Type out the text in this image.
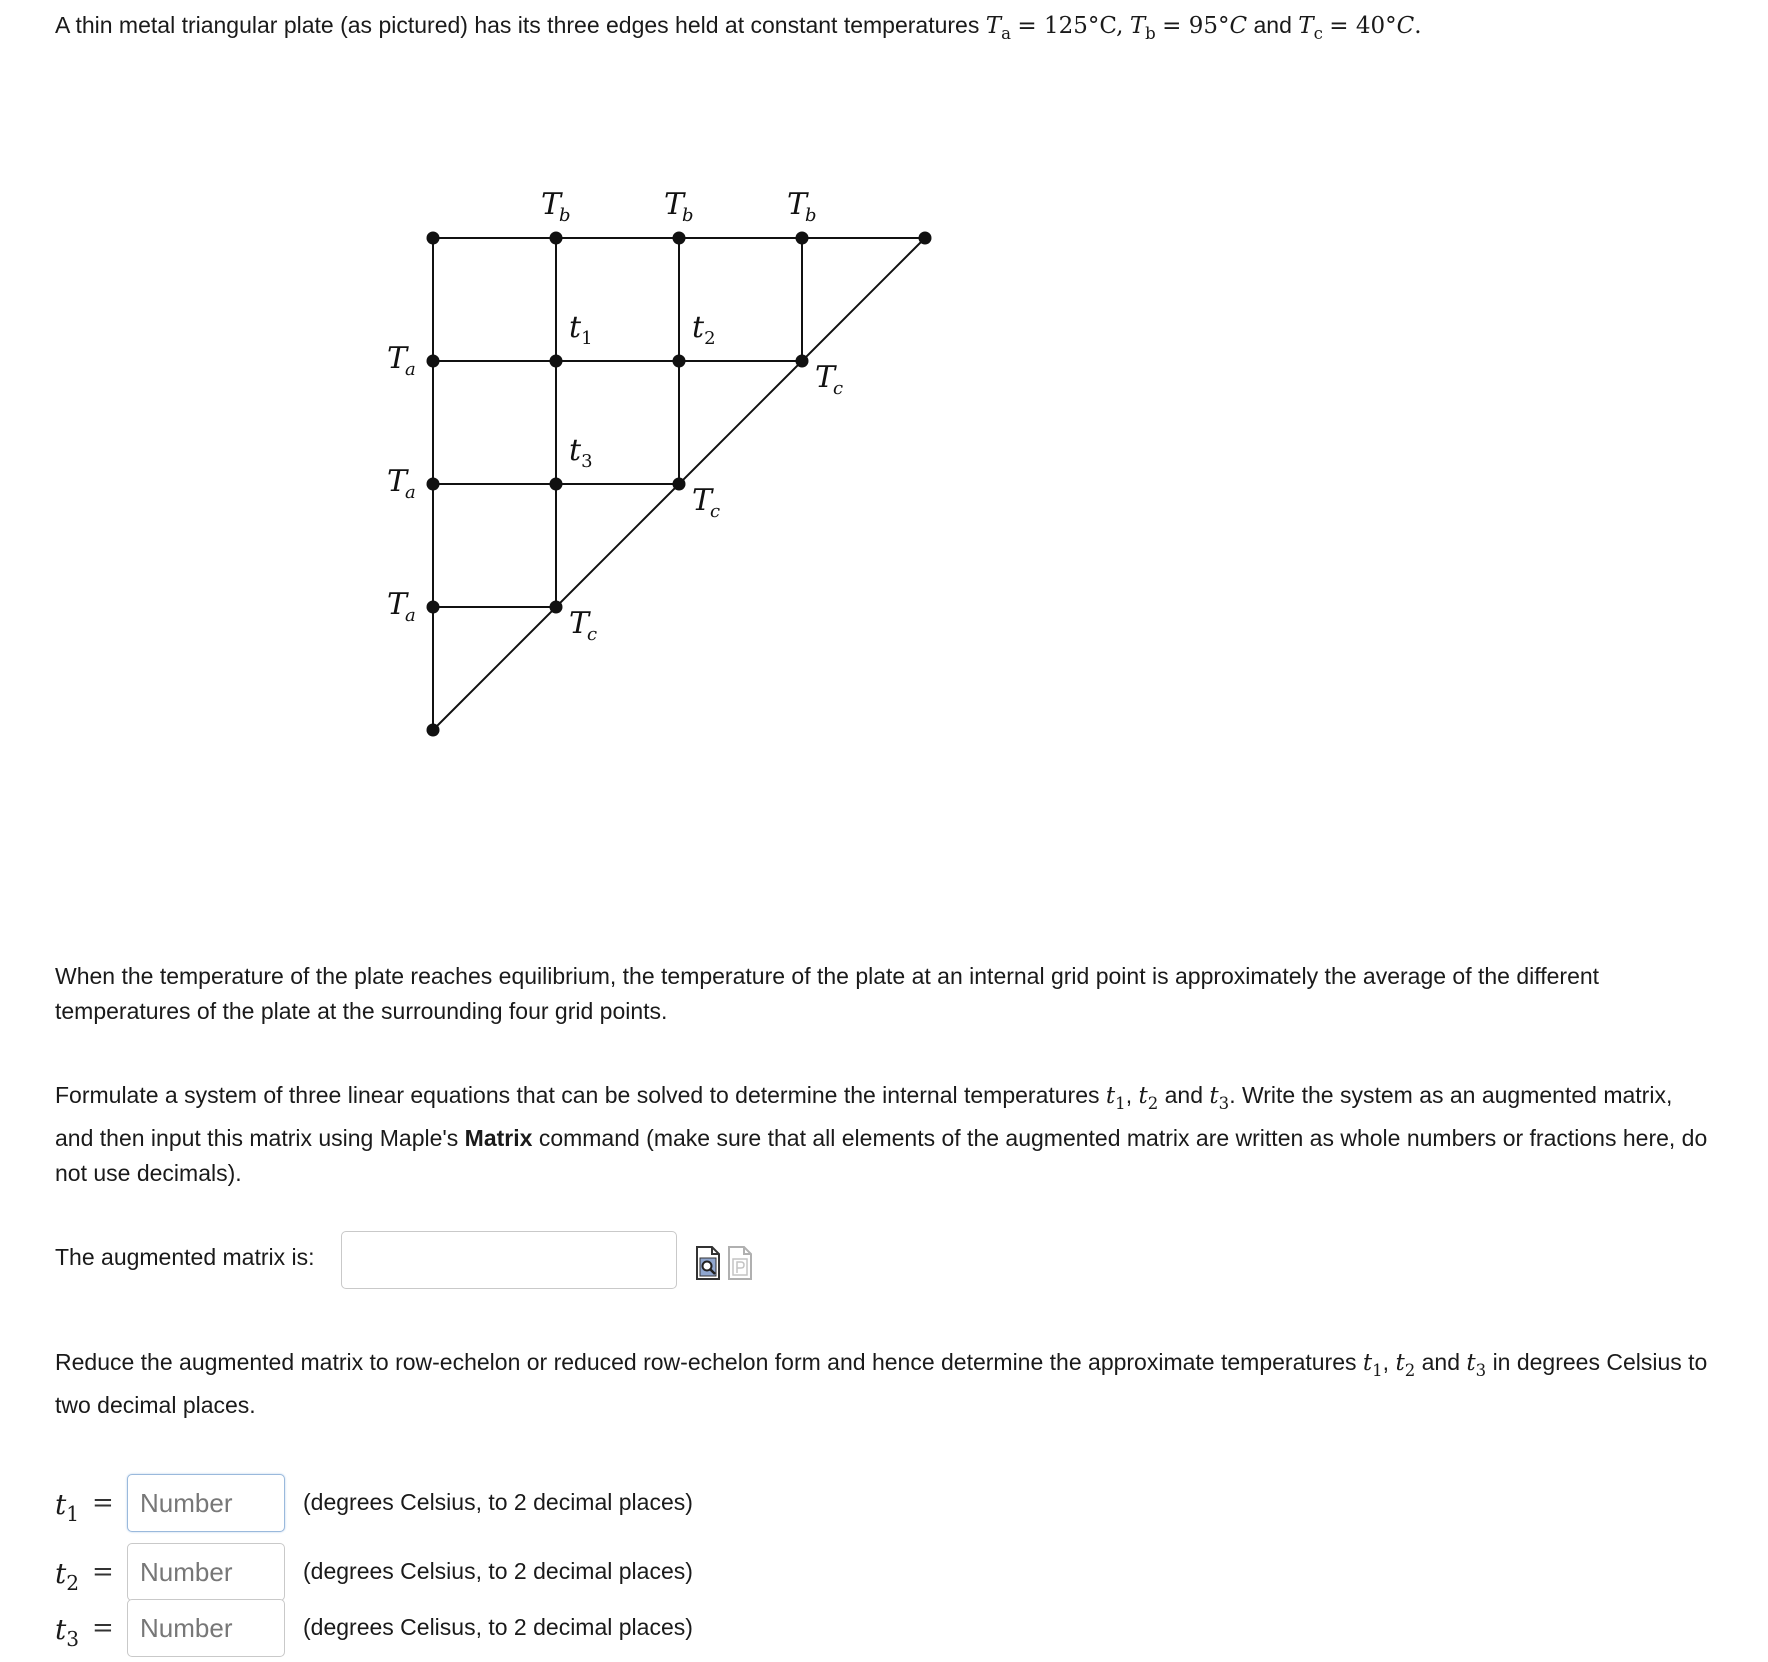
A thin metal triangular plate (as pictured) has its three edges held at constant temperatures $T_a = 125^\circ C$, $T_b = 95^\circ C$ and $T_c = 40^\circ C$.
Tb	Tb	Tb
Ta
Ta
Ta
Tc
Tc
Tc
$t_1$	$t_2$
$t_3$
When the temperature of the plate reaches equilibrium, the temperature of the plate at an internal grid point is approximately the average of the different temperatures of the plate at the surrounding four grid points.
Formulate a system of three linear equations that can be solved to determine the internal temperatures $t_1$, $t_2$ and $t_3$. Write the system as an augmented matrix, and then input this matrix using Maple's Matrix command (make sure that all elements of the augmented matrix are written as whole numbers or fractions here, do not use decimals).
The augmented matrix is:
Reduce the augmented matrix to row-echelon or reduced row-echelon form and hence determine the approximate temperatures $t_1$, $t_2$ and $t_3$ in degrees Celsius to two decimal places.
$t_1$ =
Number	(degrees Celsius, to 2 decimal places)
$t_2$ =
Number	(degrees Celsius, to 2 decimal places)
$t_3$ =
Number	(degrees Celisus, to 2 decimal places)
